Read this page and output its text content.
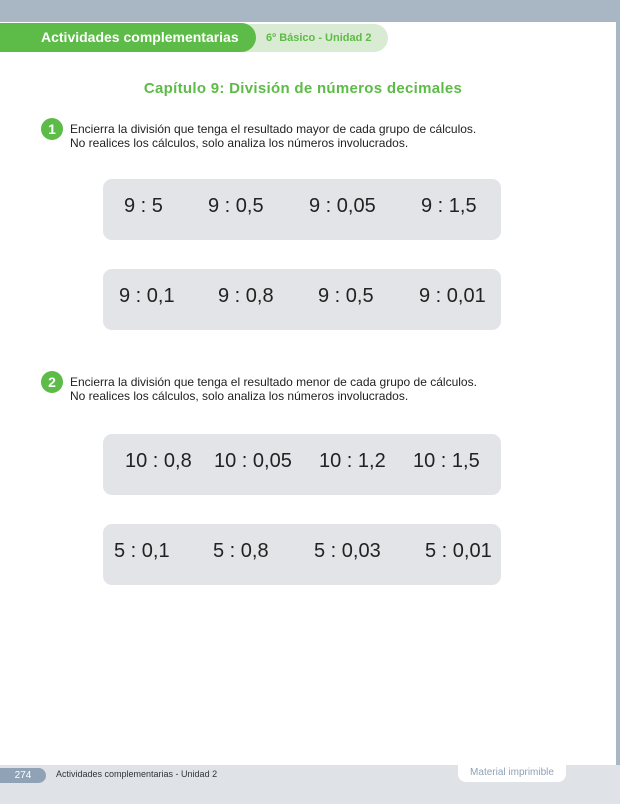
6º Básico - Unidad 2
Actividades complementarias
Capítulo 9: División de números decimales
1	Encierra la división que tenga el resultado mayor de cada grupo de cálculos.
No realices los cálculos, solo analiza los números involucrados.
9 : 5 9 : 0,5 9 : 0,05 9 : 1,5
9 : 0,1 9 : 0,8 9 : 0,5 9 : 0,01
2	Encierra la división que tenga el resultado menor de cada grupo de cálculos.
No realices los cálculos, solo analiza los números involucrados.
10 : 0,8 10 : 0,05 10 : 1,2 10 : 1,5
5 : 0,1 5 : 0,8 5 : 0,03 5 : 0,01
274	Actividades complementarias - Unidad 2	Material imprimible
